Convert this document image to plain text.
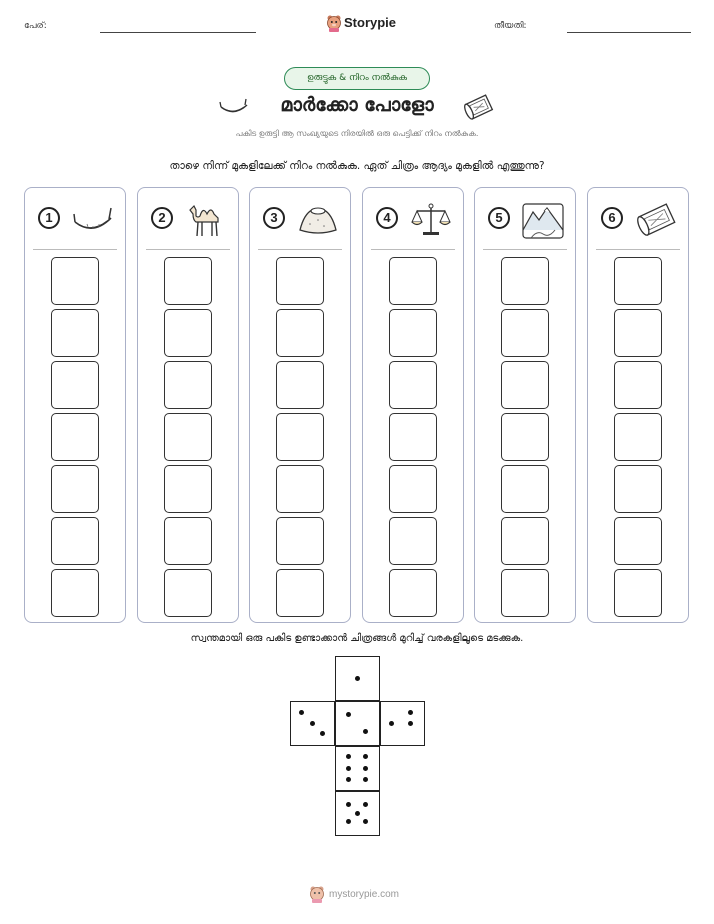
പേര്:	Storypie	തീയതി:
ഉരുട്ടുക & നിറം നൽകുക
മാർക്കോ പോളോ
പകിട ഉരുട്ടി ആ സംഖ്യയുടെ നിരയിൽ ഒരു പെട്ടിക്ക് നിറം നൽകുക.
താഴെ നിന്ന് മുകളിലേക്ക് നിറം നൽകുക. ഏത് ചിത്രം ആദ്യം മുകളിൽ എത്തുന്നു?
1	2	3	4	5	6
സ്വന്തമായി ഒരു പകിട ഉണ്ടാക്കാൻ ചിത്രങ്ങൾ മുറിച്ച് വരകളിലൂടെ മടക്കുക.
mystorypie.com
